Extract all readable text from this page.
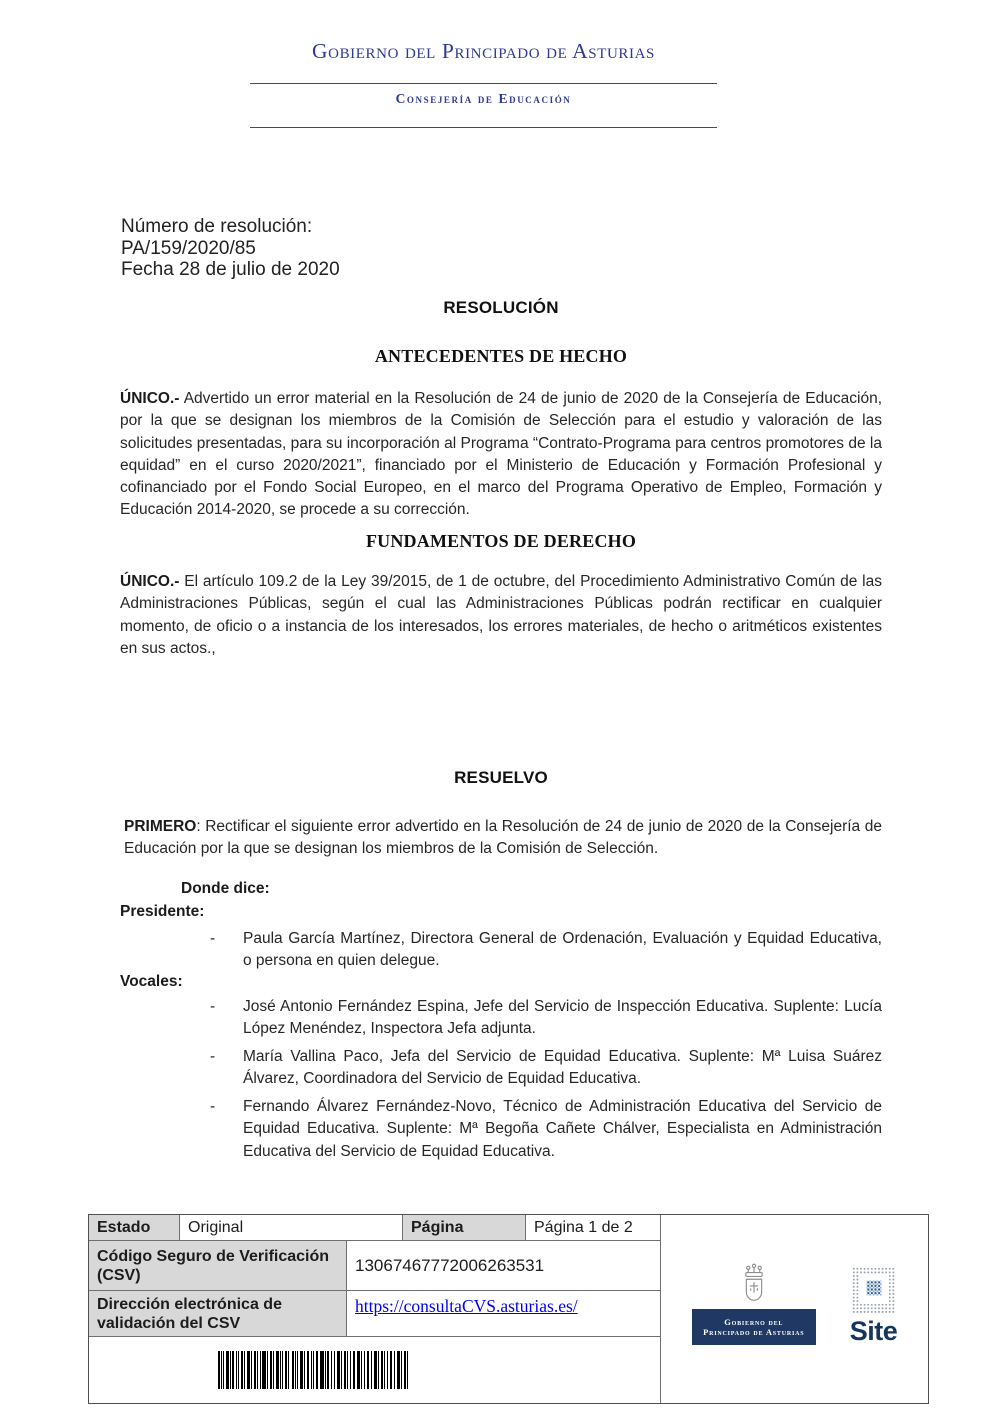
Gobierno del Principado de Asturias
Consejería de Educación
Número de resolución:
PA/159/2020/85
Fecha 28 de julio de 2020
RESOLUCIÓN
ANTECEDENTES DE HECHO

ÚNICO.- Advertido un error material en la Resolución de 24 de junio de 2020 de la Consejería de Educación, por la que se designan los miembros de la Comisión de Selección para el estudio y valoración de las solicitudes presentadas, para su incorporación al Programa “Contrato-Programa para centros promotores de la equidad” en el curso 2020/2021”, financiado por el Ministerio de Educación y Formación Profesional y cofinanciado por el Fondo Social Europeo, en el marco del Programa Operativo de Empleo, Formación y Educación 2014-2020, se procede a su corrección.

FUNDAMENTOS DE DERECHO

ÚNICO.- El artículo 109.2 de la Ley 39/2015, de 1 de octubre, del Procedimiento Administrativo Común de las Administraciones Públicas, según el cual las Administraciones Públicas podrán rectificar en cualquier momento, de oficio o a instancia de los interesados, los errores materiales, de hecho o aritméticos existentes en sus actos.,

RESUELVO

PRIMERO: Rectificar el siguiente error advertido en la Resolución de 24 de junio de 2020 de la Consejería de Educación por la que se designan los miembros de la Comisión de Selección.

Donde dice:

Presidente:

-

Paula García Martínez, Directora General de Ordenación, Evaluación y Equidad Educativa, o persona en quien delegue.

Vocales:

-

José Antonio Fernández Espina, Jefe del Servicio de Inspección Educativa. Suplente: Lucía López Menéndez, Inspectora Jefa adjunta.

-

María Vallina Paco, Jefa del Servicio de Equidad Educativa. Suplente: Mª Luisa Suárez Álvarez, Coordinadora del Servicio de Equidad Educativa.

-

Fernando Álvarez Fernández-Novo, Técnico de Administración Educativa del Servicio de Equidad Educativa. Suplente: Mª Begoña Cañete Chálver, Especialista en Administración Educativa del Servicio de Equidad Educativa.

Estado	Original	Página	Página 1 de 2
Código Seguro de Verificación (CSV)
13067467772006263531
Dirección electrónica de validación del CSV
https://consultaCVS.asturias.es/
Gobierno del
Principado de Asturias Site
